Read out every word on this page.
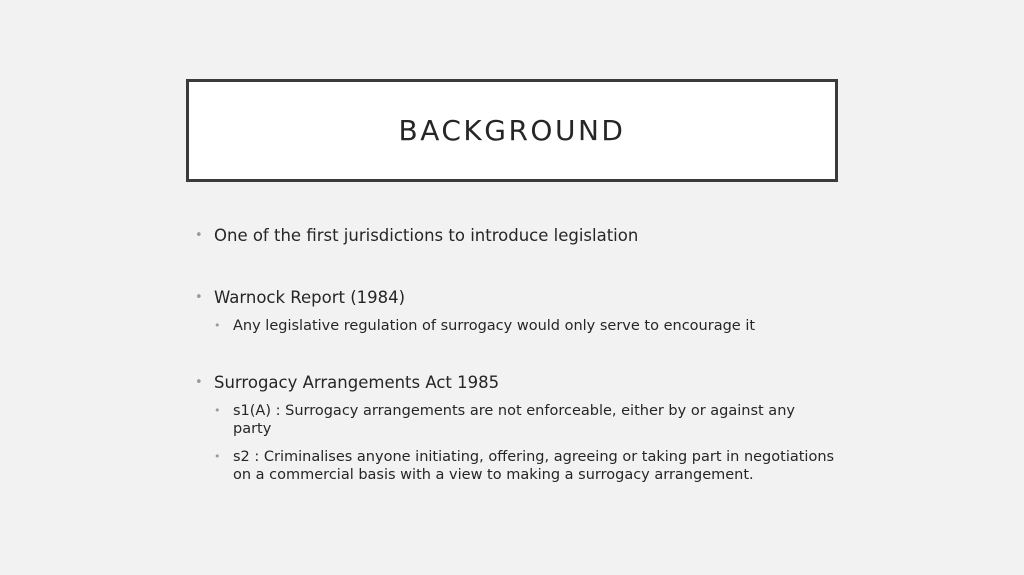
BACKGROUND
• One of the first jurisdictions to introduce legislation
• Warnock Report (1984)
• Any legislative regulation of surrogacy would only serve to encourage it
• Surrogacy Arrangements Act 1985
• s1(A) : Surrogacy arrangements are not enforceable, either by or against any party
• s2 : Criminalises anyone initiating, offering, agreeing or taking part in negotiations on a commercial basis with a view to making a surrogacy arrangement.
